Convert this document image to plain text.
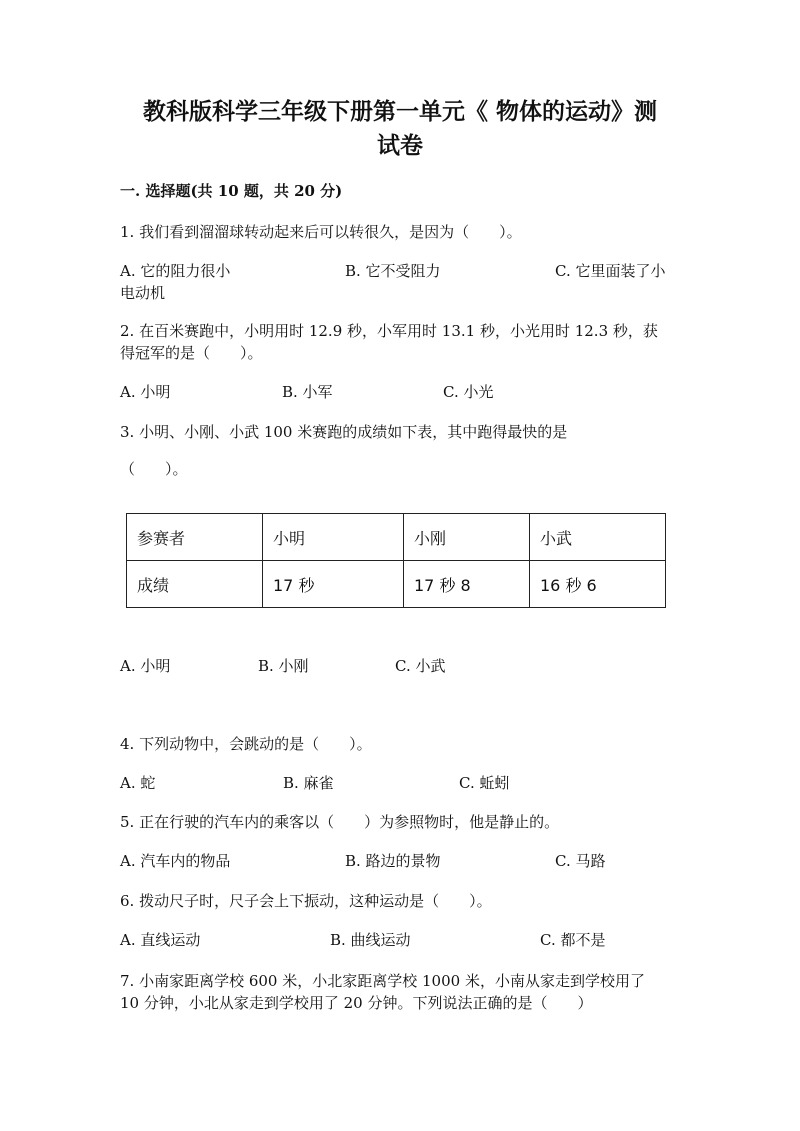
教科版科学三年级下册第一单元《 物体的运动》测
试卷
一. 选择题(共 10 题，共 20 分)
1. 我们看到溜溜球转动起来后可以转很久，是因为（　　）。
A. 它的阻力很小	B. 它不受阻力	C. 它里面装了小
电动机
2. 在百米赛跑中，小明用时 12.9 秒，小军用时 13.1 秒，小光用时 12.3 秒，获
得冠军的是（　　）。
A. 小明	B. 小军	C. 小光
3. 小明、小刚、小武 100 米赛跑的成绩如下表，其中跑得最快的是
（　　）。
参赛者	小明	小刚	小武
成绩	17 秒	17 秒 8	16 秒 6
A. 小明	B. 小刚	C. 小武
4. 下列动物中，会跳动的是（　　）。
A. 蛇	B. 麻雀	C. 蚯蚓
5. 正在行驶的汽车内的乘客以（　　）为参照物时，他是静止的。
A. 汽车内的物品	B. 路边的景物	C. 马路
6. 拨动尺子时，尺子会上下振动，这种运动是（　　）。
A. 直线运动	B. 曲线运动	C. 都不是
7. 小南家距离学校 600 米，小北家距离学校 1000 米，小南从家走到学校用了
10 分钟，小北从家走到学校用了 20 分钟。下列说法正确的是（　　）
